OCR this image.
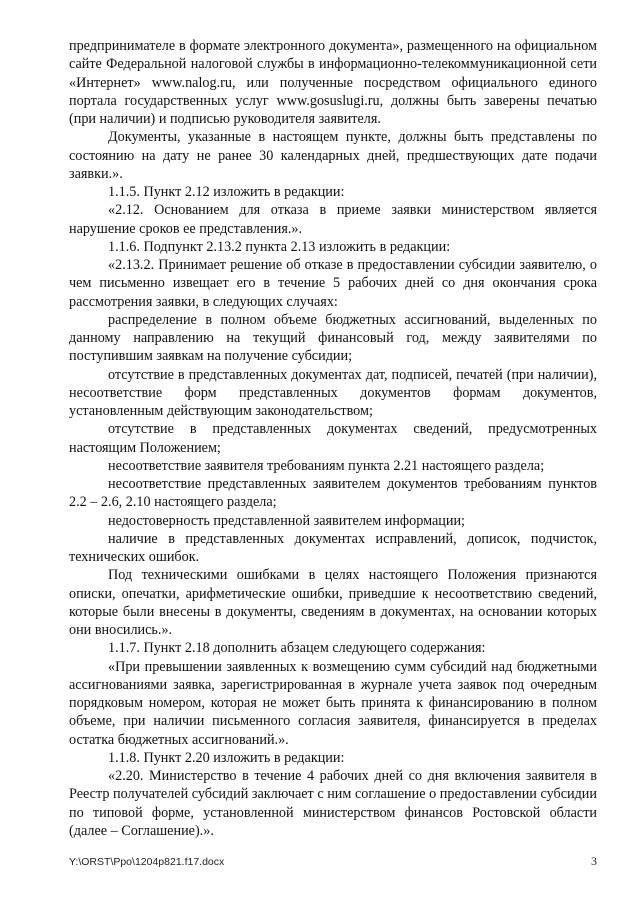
предпринимателе в формате электронного документа», размещенного на официальном сайте Федеральной налоговой службы в информационно-телекоммуникационной сети «Интернет» www.nalog.ru, или полученные посредством официального единого портала государственных услуг www.gosuslugi.ru, должны быть заверены печатью (при наличии) и подписью руководителя заявителя.

Документы, указанные в настоящем пункте, должны быть представлены по состоянию на дату не ранее 30 календарных дней, предшествующих дате подачи заявки.».

1.1.5. Пункт 2.12 изложить в редакции:

«2.12. Основанием для отказа в приеме заявки министерством является нарушение сроков ее представления.».

1.1.6. Подпункт 2.13.2 пункта 2.13 изложить в редакции:

«2.13.2. Принимает решение об отказе в предоставлении субсидии заявителю, о чем письменно извещает его в течение 5 рабочих дней со дня окончания срока рассмотрения заявки, в следующих случаях:

распределение в полном объеме бюджетных ассигнований, выделенных по данному направлению на текущий финансовый год, между заявителями по поступившим заявкам на получение субсидии;

отсутствие в представленных документах дат, подписей, печатей (при наличии), несоответствие форм представленных документов формам документов, установленным действующим законодательством;

отсутствие в представленных документах сведений, предусмотренных настоящим Положением;

несоответствие заявителя требованиям пункта 2.21 настоящего раздела;

несоответствие представленных заявителем документов требованиям пунктов 2.2 – 2.6, 2.10 настоящего раздела;

недостоверность представленной заявителем информации;

наличие в представленных документах исправлений, дописок, подчисток, технических ошибок.

Под техническими ошибками в целях настоящего Положения признаются описки, опечатки, арифметические ошибки, приведшие к несоответствию сведений, которые были внесены в документы, сведениям в документах, на основании которых они вносились.».

1.1.7. Пункт 2.18 дополнить абзацем следующего содержания:

«При превышении заявленных к возмещению сумм субсидий над бюджетными ассигнованиями заявка, зарегистрированная в журнале учета заявок под очередным порядковым номером, которая не может быть принята к финансированию в полном объеме, при наличии письменного согласия заявителя, финансируется в пределах остатка бюджетных ассигнований.».

1.1.8. Пункт 2.20 изложить в редакции:

«2.20. Министерство в течение 4 рабочих дней со дня включения заявителя в Реестр получателей субсидий заключает с ним соглашение о предоставлении субсидии по типовой форме, установленной министерством финансов Ростовской области (далее – Соглашение).».

Y:\ORST\Ppo\1204p821.f17.docx	3
